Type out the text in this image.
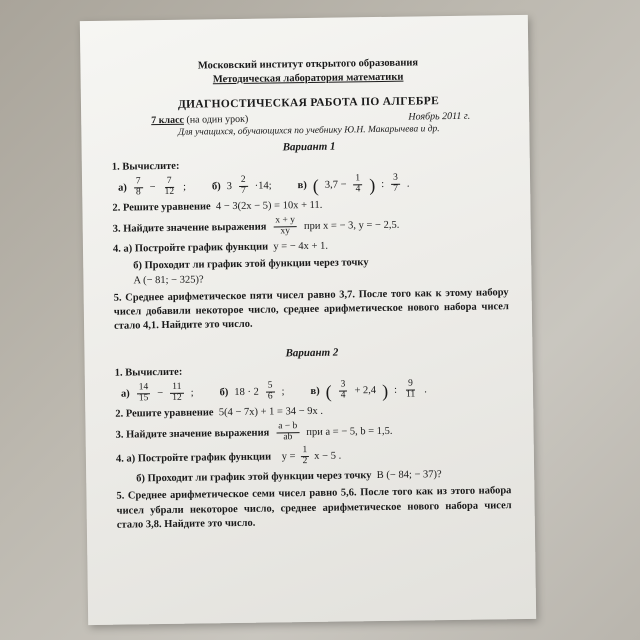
Московский институт открытого образования
Методическая лаборатория математики
ДИАГНОСТИЧЕСКАЯ РАБОТА ПО АЛГЕБРЕ
7 класс (на один урок)	Ноябрь 2011 г.
Для учащихся, обучающихся по учебнику Ю.Н. Макарычева и др.
Вариант 1
1. Вычислите:
$а) \frac{7}{8} - \frac{7}{12}$ ; б) $3 \frac{2}{7} \cdot 14$; в) ( $3,7 - \frac{1}{4}$ ) : $\frac{3}{7}$ .
2. Решите уравнение 4 − 3(2x − 5) = 10x + 11.
3. Найдите значение выражения $\frac{x + y}{xy}$ при x = − 3, y = − 2,5.
4. а) Постройте график функции y = − 4x + 1.
б) Проходит ли график этой функции через точку
A (− 81; − 325)?
5. Среднее арифметическое пяти чисел равно 3,7. После того как к этому набору чисел добавили некоторое число, среднее арифметическое нового набора чисел стало 4,1. Найдите это число.
Вариант 2
1. Вычислите:
$а) \frac{14}{15} - \frac{11}{12}$ ; б) $18 \cdot 2 \frac{5}{6}$ ; в) ( $\frac{3}{4} + 2,4$ ) : $\frac{9}{11}$ .
2. Решите уравнение 5(4 − 7x) + 1 = 34 − 9x .
3. Найдите значение выражения $\frac{a - b}{ab}$ при a = − 5, b = 1,5.
4. а) Постройте график функции
$y = \frac{1}{2}$ x − 5 .
б) Проходит ли график этой функции через точку B (− 84; − 37)?
5. Среднее арифметическое семи чисел равно 5,6. После того как из этого набора чисел убрали некоторое число, среднее арифметическое нового набора чисел стало 3,8. Найдите это число.
